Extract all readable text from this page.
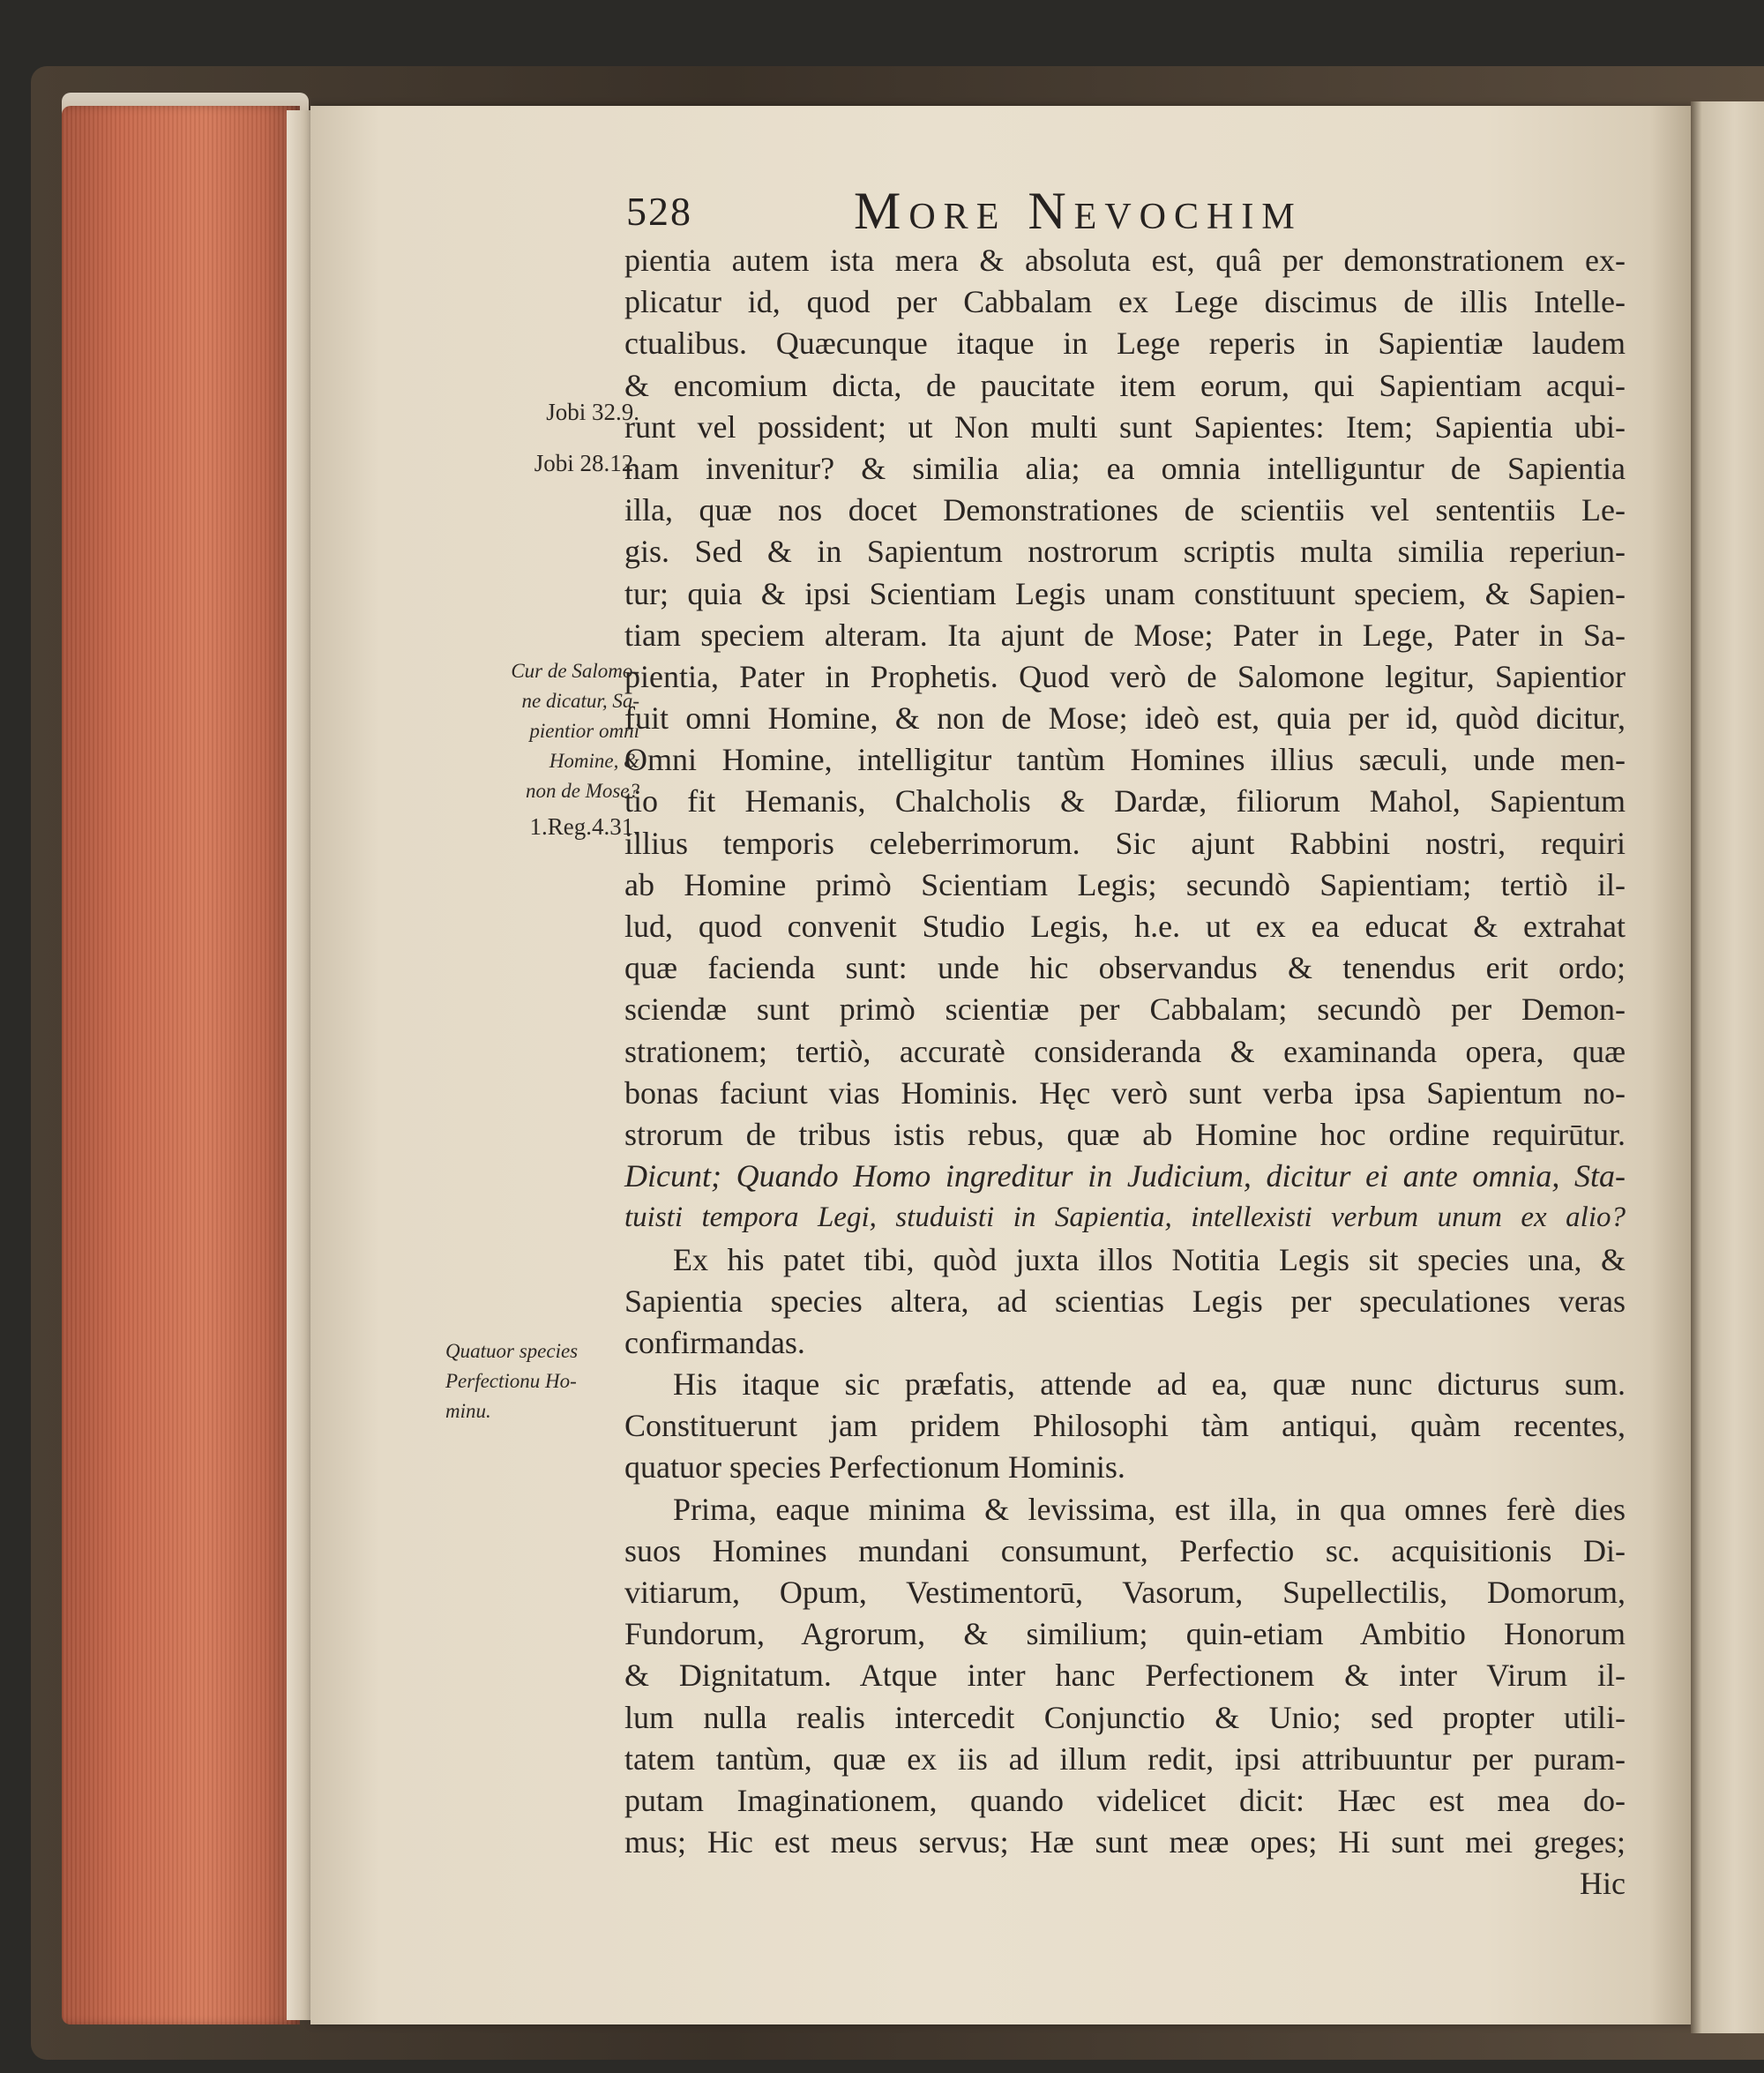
528	More Nevochim
Jobi 32.9.
Jobi 28.12.
Cur de Salomo-
ne dicatur, Sa-
pientior omni
Homine, &
non de Mose?
1.Reg.4.31.
Quatuor species
Perfectionu Ho-
minu.
pientia autem ista mera & absoluta est, quâ per demonstrationem ex-
plicatur id, quod per Cabbalam ex Lege discimus de illis Intelle-
ctualibus. Quæcunque itaque in Lege reperis in Sapientiæ laudem
& encomium dicta, de paucitate item eorum, qui Sapientiam acqui-
runt vel possident; ut Non multi sunt Sapientes: Item; Sapientia ubi-
nam invenitur? & similia alia; ea omnia intelliguntur de Sapientia
illa, quæ nos docet Demonstrationes de scientiis vel sententiis Le-
gis. Sed & in Sapientum nostrorum scriptis multa similia reperiun-
tur; quia & ipsi Scientiam Legis unam constituunt speciem, & Sapien-
tiam speciem alteram. Ita ajunt de Mose; Pater in Lege, Pater in Sa-
pientia, Pater in Prophetis. Quod verò de Salomone legitur, Sapientior
fuit omni Homine, & non de Mose; ideò est, quia per id, quòd dicitur,
Omni Homine, intelligitur tantùm Homines illius sæculi, unde men-
tio fit Hemanis, Chalcholis & Dardæ, filiorum Mahol, Sapientum
illius temporis celeberrimorum. Sic ajunt Rabbini nostri, requiri
ab Homine primò Scientiam Legis; secundò Sapientiam; tertiò il-
lud, quod convenit Studio Legis, h.e. ut ex ea educat & extrahat
quæ facienda sunt: unde hic observandus & tenendus erit ordo;
sciendæ sunt primò scientiæ per Cabbalam; secundò per Demon-
strationem; tertiò, accuratè considerandа & examinanda opera, quæ
bonas faciunt vias Hominis. Hęc verò sunt verba ipsa Sapientum no-
strorum de tribus istis rebus, quæ ab Homine hoc ordine requirūtur.
Dicunt; Quando Homo ingreditur in Judicium, dicitur ei ante omnia, Sta-
tuisti tempora Legi, studuisti in Sapientia, intellexisti verbum unum ex alio?
Ex his patet tibi, quòd juxta illos Notitia Legis sit species una, &
Sapientia species altera, ad scientias Legis per speculationes veras
confirmandas.
His itaque sic præfatis, attende ad ea, quæ nunc dicturus sum.
Constituerunt jam pridem Philosophi tàm antiqui, quàm recentes,
quatuor species Perfectionum Hominis.
Prima, eaque minima & levissima, est illa, in qua omnes ferè dies
suos Homines mundani consumunt, Perfectio sc. acquisitionis Di-
vitiarum, Opum, Vestimentorū, Vasorum, Supellectilis, Domorum,
Fundorum, Agrorum, & similium; quin-etiam Ambitio Honorum
& Dignitatum. Atque inter hanc Perfectionem & inter Virum il-
lum nulla realis intercedit Conjunctio & Unio; sed propter utili-
tatem tantùm, quæ ex iis ad illum redit, ipsi attribuuntur per puram-
putam Imaginationem, quando videlicet dicit: Hæc est mea do-
mus; Hic est meus servus; Hæ sunt meæ opes; Hi sunt mei greges;
Hic
